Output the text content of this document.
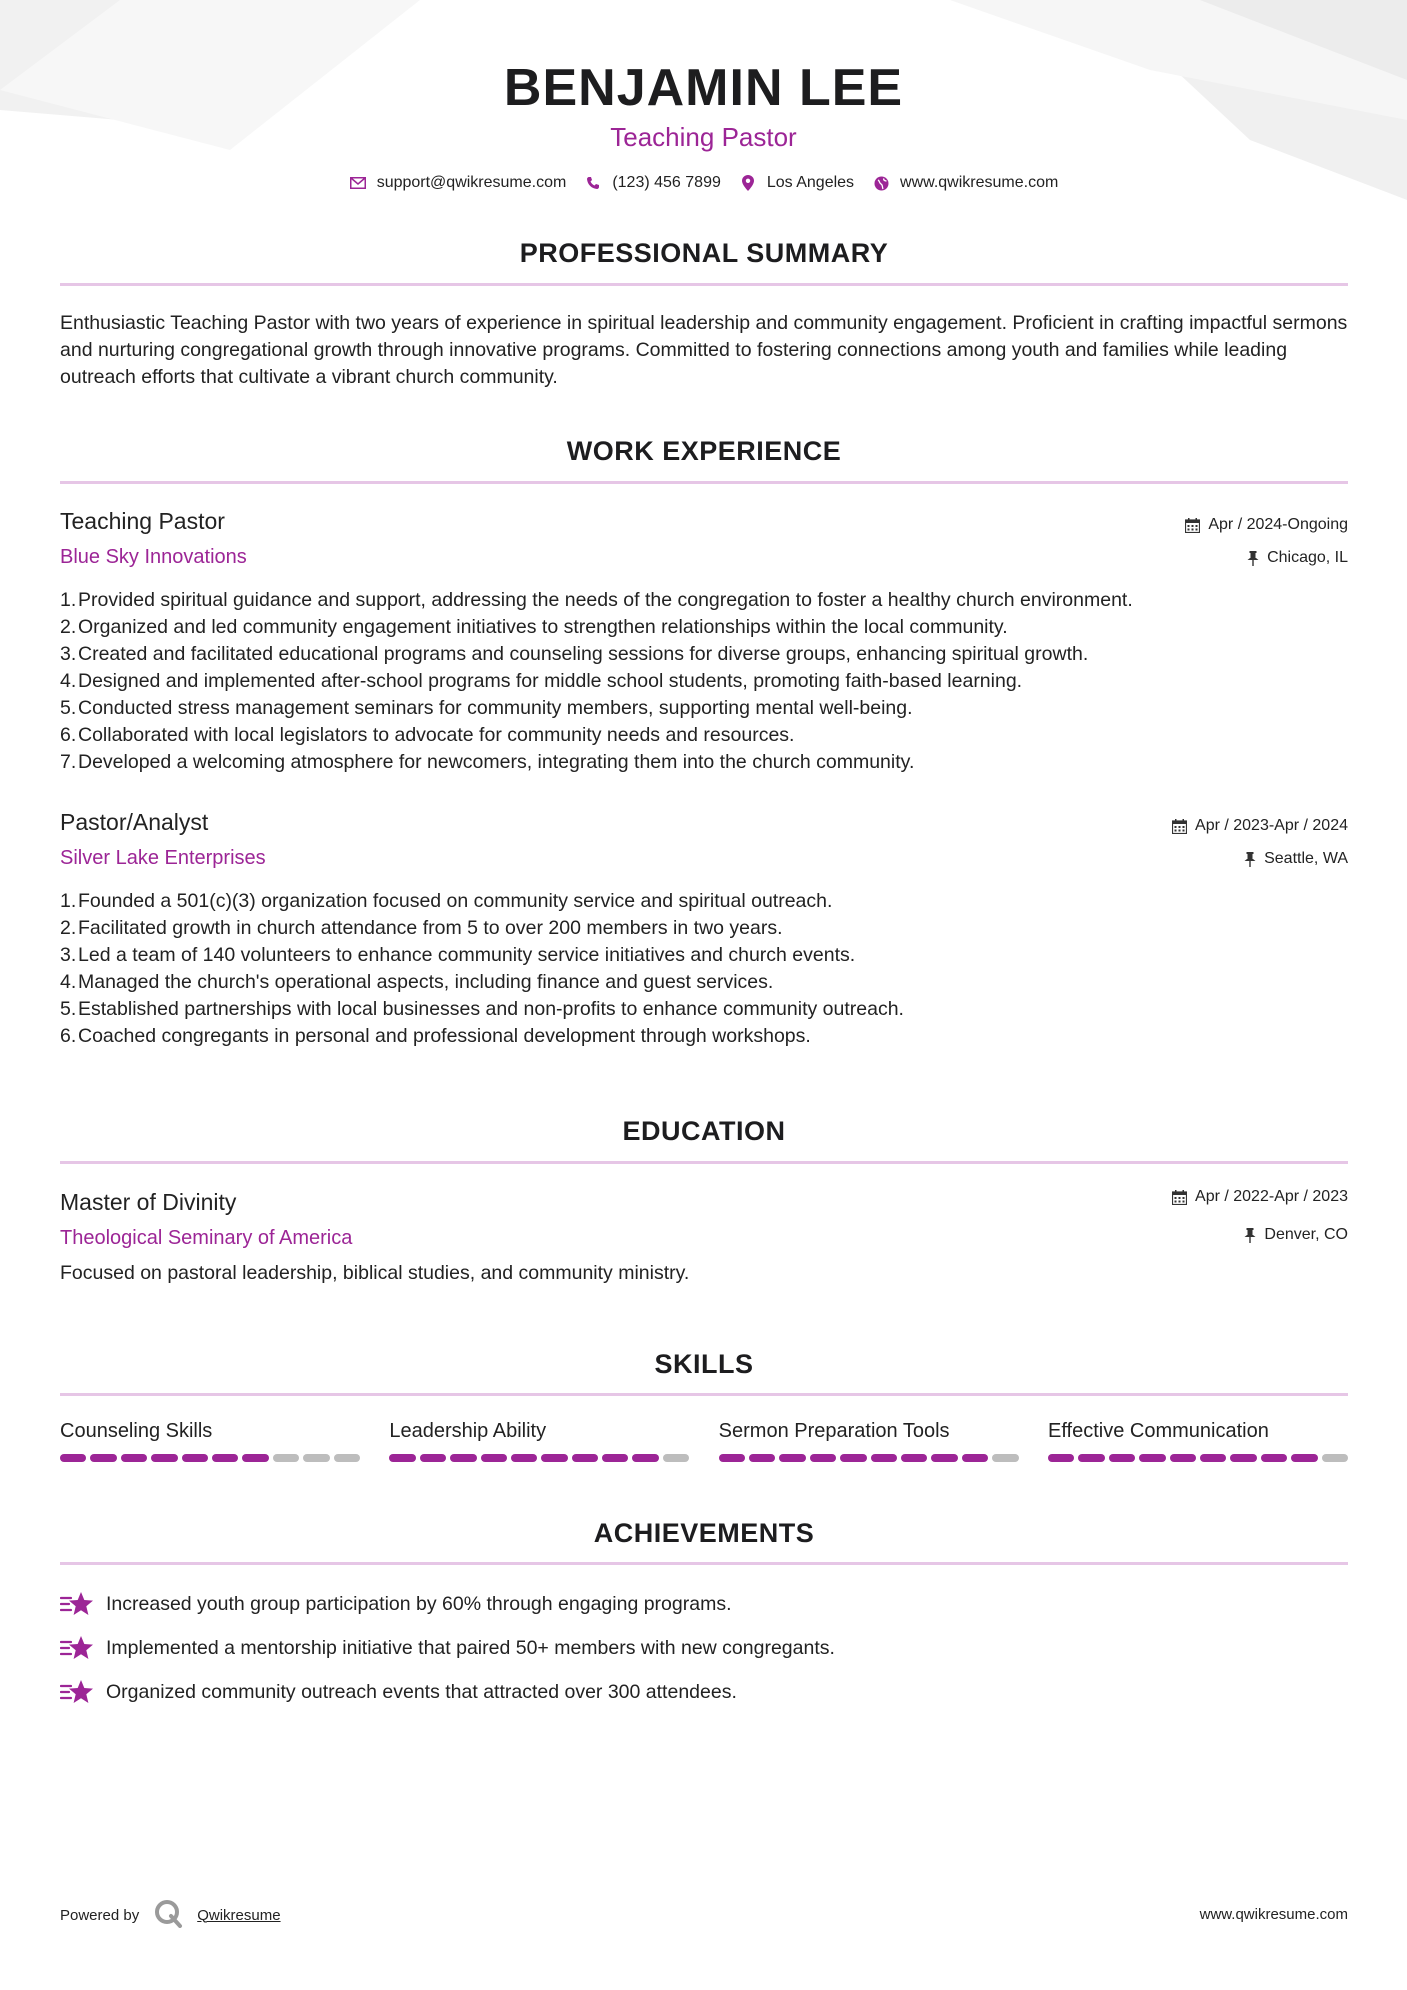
BENJAMIN LEE
Teaching Pastor
support@qwikresume.com	(123) 456 7899	Los Angeles	www.qwikresume.com
PROFESSIONAL SUMMARY
Enthusiastic Teaching Pastor with two years of experience in spiritual leadership and community engagement. Proficient in crafting impactful sermons and nurturing congregational growth through innovative programs. Committed to fostering connections among youth and families while leading outreach efforts that cultivate a vibrant church community.
WORK EXPERIENCE
Teaching Pastor
Blue Sky Innovations
Apr / 2024-Ongoing
Chicago, IL
1. Provided spiritual guidance and support, addressing the needs of the congregation to foster a healthy church environment.
2. Organized and led community engagement initiatives to strengthen relationships within the local community.
3. Created and facilitated educational programs and counseling sessions for diverse groups, enhancing spiritual growth.
4. Designed and implemented after-school programs for middle school students, promoting faith-based learning.
5. Conducted stress management seminars for community members, supporting mental well-being.
6. Collaborated with local legislators to advocate for community needs and resources.
7. Developed a welcoming atmosphere for newcomers, integrating them into the church community.
Pastor/Analyst
Silver Lake Enterprises
Apr / 2023-Apr / 2024
Seattle, WA
1. Founded a 501(c)(3) organization focused on community service and spiritual outreach.
2. Facilitated growth in church attendance from 5 to over 200 members in two years.
3. Led a team of 140 volunteers to enhance community service initiatives and church events.
4. Managed the church's operational aspects, including finance and guest services.
5. Established partnerships with local businesses and non-profits to enhance community outreach.
6. Coached congregants in personal and professional development through workshops.
EDUCATION
Master of Divinity
Theological Seminary of America
Apr / 2022-Apr / 2023
Denver, CO
Focused on pastoral leadership, biblical studies, and community ministry.
SKILLS
Counseling Skills	Leadership Ability	Sermon Preparation Tools	Effective Communication
ACHIEVEMENTS
Increased youth group participation by 60% through engaging programs.
Implemented a mentorship initiative that paired 50+ members with new congregants.
Organized community outreach events that attracted over 300 attendees.
Powered by	Qwikresume	www.qwikresume.com
